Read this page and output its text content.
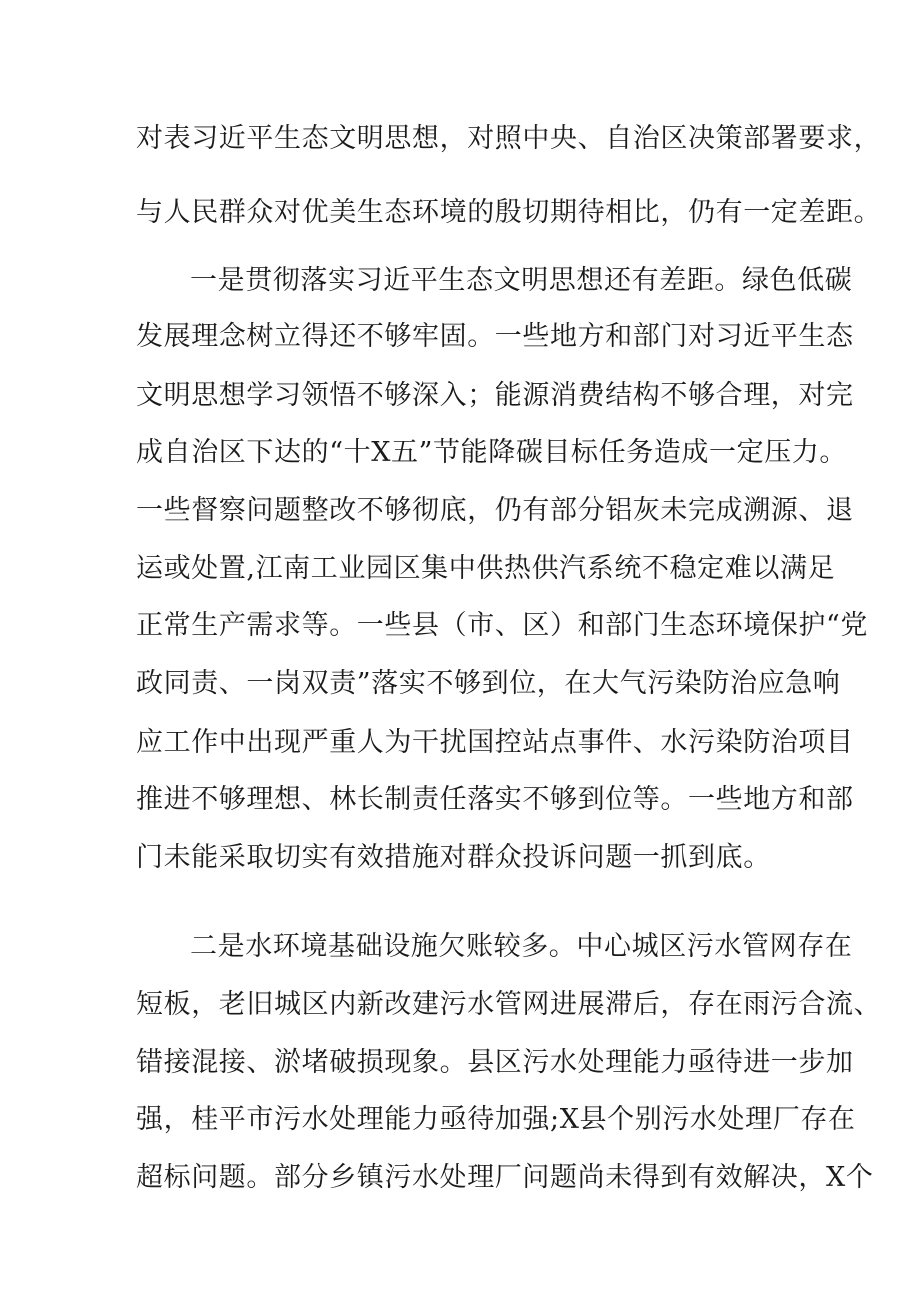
对表习近平生态文明思想，对照中央、自治区决策部署要求，
与人民群众对优美生态环境的殷切期待相比，仍有一定差距。
一是贯彻落实习近平生态文明思想还有差距。绿色低碳
发展理念树立得还不够牢固。一些地方和部门对习近平生态
文明思想学习领悟不够深入；能源消费结构不够合理，对完
成自治区下达的“十X五”节能降碳目标任务造成一定压力。
一些督察问题整改不够彻底，仍有部分铝灰未完成溯源、退
运或处置,江南工业园区集中供热供汽系统不稳定难以满足
正常生产需求等。一些县（市、区）和部门生态环境保护“党
政同责、一岗双责”落实不够到位，在大气污染防治应急响
应工作中出现严重人为干扰国控站点事件、水污染防治项目
推进不够理想、林长制责任落实不够到位等。一些地方和部
门未能采取切实有效措施对群众投诉问题一抓到底。
二是水环境基础设施欠账较多。中心城区污水管网存在
短板，老旧城区内新改建污水管网进展滞后，存在雨污合流、
错接混接、淤堵破损现象。县区污水处理能力亟待进一步加
强，桂平市污水处理能力亟待加强;X县个别污水处理厂存在
超标问题。部分乡镇污水处理厂问题尚未得到有效解决，X个
